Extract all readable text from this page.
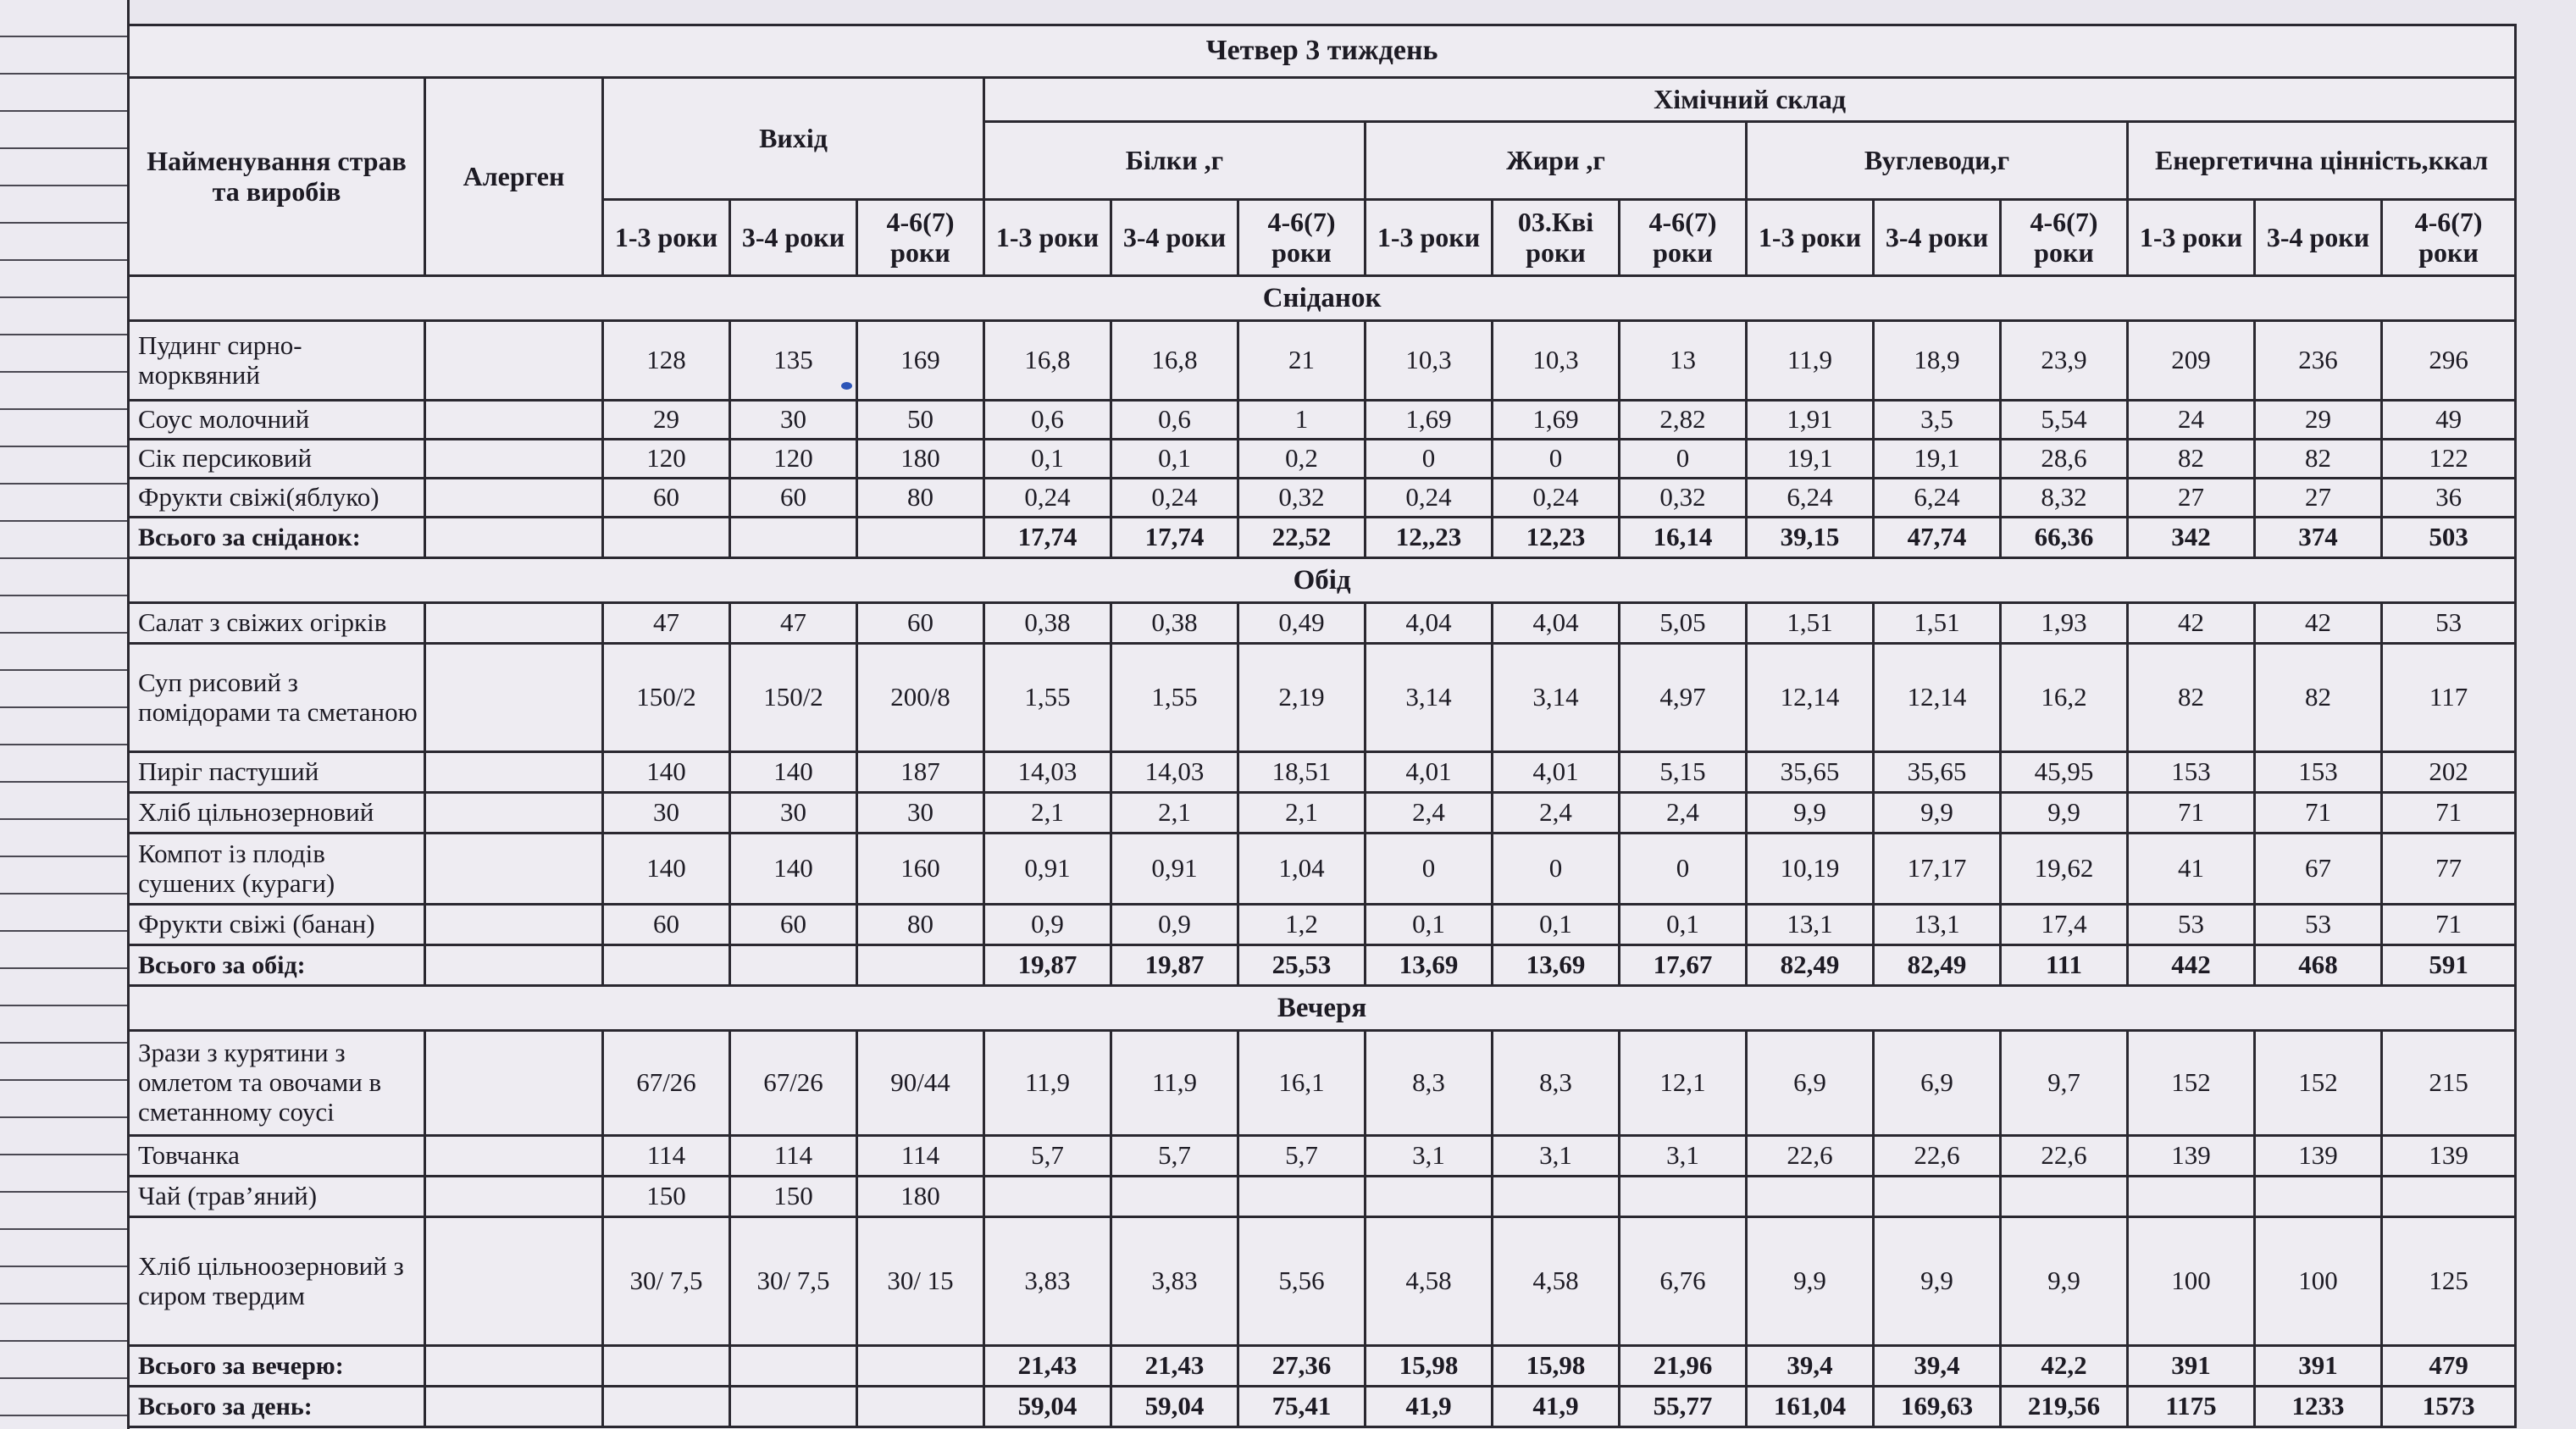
Четвер 3 тиждень																
Найменування страв та виробів	Алерген	Вихід			Хімічний склад											
					Білки ,г			Жири ,г			Вуглеводи,г			Енергетична цінність,ккал		
		1-3 роки	3-4 роки	4-6(7) роки	1-3 роки	3-4 роки	4-6(7) роки	1-3 роки	03.Кві роки	4-6(7) роки	1-3 роки	3-4 роки	4-6(7) роки	1-3 роки	3-4 роки	4-6(7) роки
Сніданок																
Пудинг сирно-морквяний		128	135	169	16,8	16,8	21	10,3	10,3	13	11,9	18,9	23,9	209	236	296
Соус молочний		29	30	50	0,6	0,6	1	1,69	1,69	2,82	1,91	3,5	5,54	24	29	49
Сік персиковий		120	120	180	0,1	0,1	0,2	0	0	0	19,1	19,1	28,6	82	82	122
Фрукти свіжі(яблуко)		60	60	80	0,24	0,24	0,32	0,24	0,24	0,32	6,24	6,24	8,32	27	27	36
Всього за сніданок:					17,74	17,74	22,52	12,,23	12,23	16,14	39,15	47,74	66,36	342	374	503
Обід																
Салат з свіжих огірків		47	47	60	0,38	0,38	0,49	4,04	4,04	5,05	1,51	1,51	1,93	42	42	53
Суп рисовий з помідорами та сметаною		150/2	150/2	200/8	1,55	1,55	2,19	3,14	3,14	4,97	12,14	12,14	16,2	82	82	117
Пиріг пастуший		140	140	187	14,03	14,03	18,51	4,01	4,01	5,15	35,65	35,65	45,95	153	153	202
Хліб цільнозерновий		30	30	30	2,1	2,1	2,1	2,4	2,4	2,4	9,9	9,9	9,9	71	71	71
Компот із плодів сушених (кураги)		140	140	160	0,91	0,91	1,04	0	0	0	10,19	17,17	19,62	41	67	77
Фрукти свіжі (банан)		60	60	80	0,9	0,9	1,2	0,1	0,1	0,1	13,1	13,1	17,4	53	53	71
Всього за обід:					19,87	19,87	25,53	13,69	13,69	17,67	82,49	82,49	111	442	468	591
Вечеря																
Зрази з курятини з омлетом та овочами в сметанному соусі		67/26	67/26	90/44	11,9	11,9	16,1	8,3	8,3	12,1	6,9	6,9	9,7	152	152	215
Товчанка		114	114	114	5,7	5,7	5,7	3,1	3,1	3,1	22,6	22,6	22,6	139	139	139
Чай (трав’яний)		150	150	180												
Хліб цільноозерновий з сиром твердим		30/ 7,5	30/ 7,5	30/ 15	3,83	3,83	5,56	4,58	4,58	6,76	9,9	9,9	9,9	100	100	125
Всього за вечерю:					21,43	21,43	27,36	15,98	15,98	21,96	39,4	39,4	42,2	391	391	479
Всього за день:					59,04	59,04	75,41	41,9	41,9	55,77	161,04	169,63	219,56	1175	1233	1573
